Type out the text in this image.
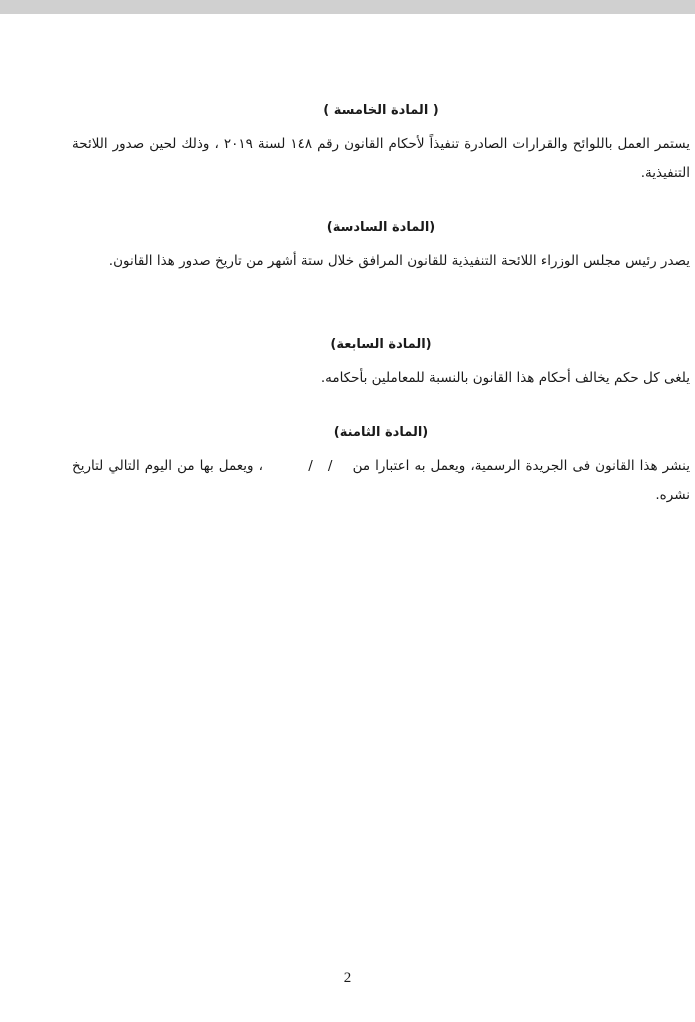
( المادة الخامسة )

يستمر العمل باللوائح والقرارات الصادرة تنفيذاً لأحكام القانون رقم ١٤٨ لسنة ٢٠١٩ ، وذلك لحين صدور اللائحة التنفيذية.

(المادة السادسة)

يصدر رئيس مجلس الوزراء اللائحة التنفيذية للقانون المرافق خلال ستة أشهر من تاريخ صدور هذا القانون.

(المادة السابعة)

يلغى كل حكم يخالف أحكام هذا القانون بالنسبة للمعاملين بأحكامه.

(المادة الثامنة)

ينشر هذا القانون فى الجريدة الرسمية، ويعمل به اعتبارا من    /   /         ، ويعمل بها من اليوم التالي لتاريخ نشره.

2
